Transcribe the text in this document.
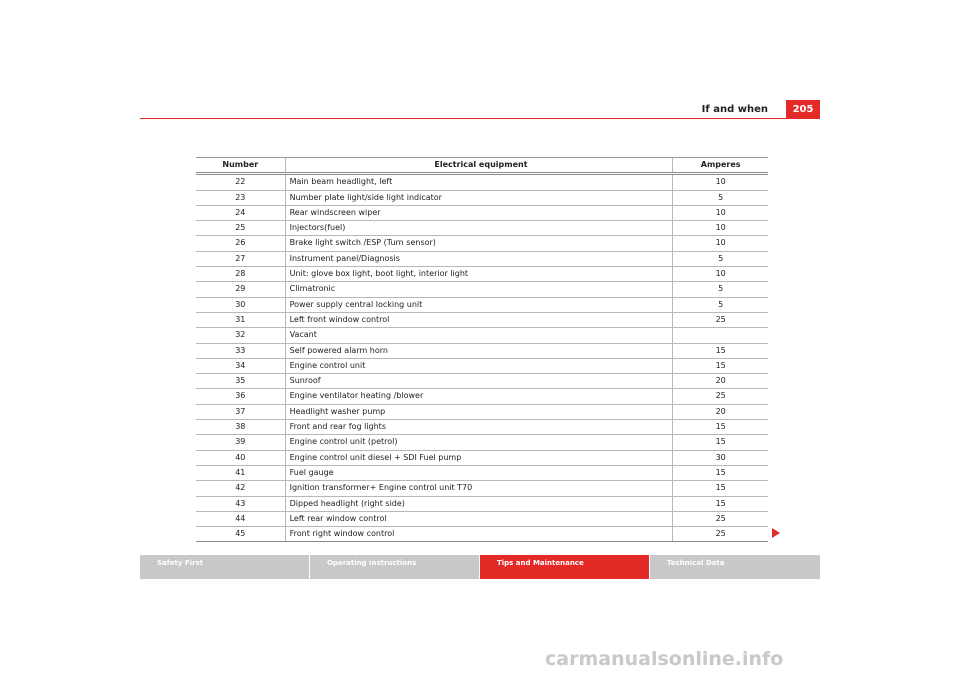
If and when	205
Number	Electrical equipment	Amperes
22	Main beam headlight, left	10
23	Number plate light/side light indicator	5
24	Rear windscreen wiper	10
25	Injectors(fuel)	10
26	Brake light switch /ESP (Turn sensor)	10
27	Instrument panel/Diagnosis	5
28	Unit: glove box light, boot light, interior light	10
29	Climatronic	5
30	Power supply central locking unit	5
31	Left front window control	25
32	Vacant	
33	Self powered alarm horn	15
34	Engine control unit	15
35	Sunroof	20
36	Engine ventilator heating /blower	25
37	Headlight washer pump	20
38	Front and rear fog lights	15
39	Engine control unit (petrol)	15
40	Engine control unit diesel + SDI Fuel pump	30
41	Fuel gauge	15
42	Ignition transformer+ Engine control unit T70	15
43	Dipped headlight (right side)	15
44	Left rear window control	25
45	Front right window control	25
Safety First	Operating instructions	Tips and Maintenance	Technical Data
carmanualsonline.info
